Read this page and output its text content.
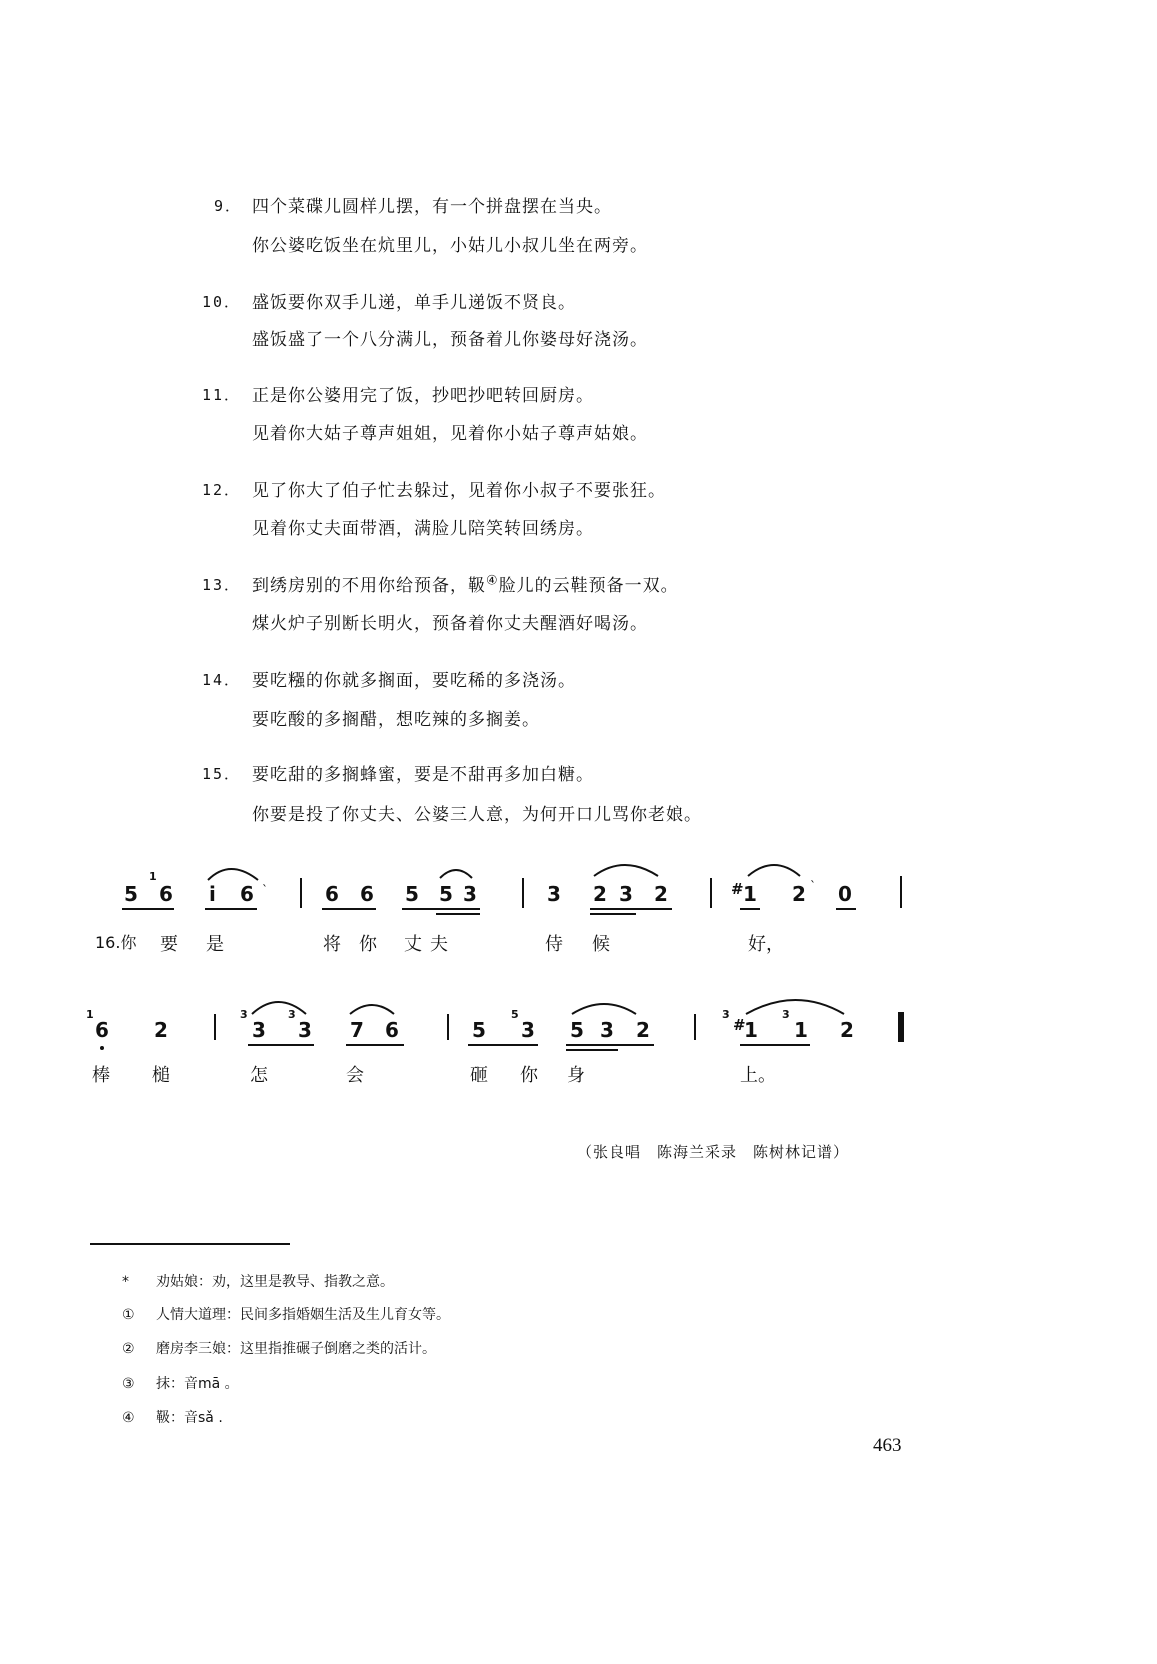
9． 四个菜碟儿圆样儿摆，有一个拼盘摆在当央。
你公婆吃饭坐在炕里儿，小姑儿小叔儿坐在两旁。
10． 盛饭要你双手儿递，单手儿递饭不贤良。
盛饭盛了一个八分满儿，预备着儿你婆母好浇汤。
11． 正是你公婆用完了饭，抄吧抄吧转回厨房。
见着你大姑子尊声姐姐，见着你小姑子尊声姑娘。
12． 见了你大了伯子忙去躲过，见着你小叔子不要张狂。
见着你丈夫面带酒，满脸儿陪笑转回绣房。
13． 到绣房别的不用你给预备，靸④脸儿的云鞋预备一双。
煤火炉子别断长明火，预备着你丈夫醒酒好喝汤。
14． 要吃糨的你就多搁面，要吃稀的多浇汤。
要吃酸的多搁醋，想吃辣的多搁姜。
15． 要吃甜的多搁蜂蜜，要是不甜再多加白糖。
你要是投了你丈夫、公婆三人意，为何开口儿骂你老娘。
5
1
6 i 6	6 6 5 5 3	3 2 3 2	# 1 2 0
16.你 要 是	将 你 丈夫	侍 候	好，
1
6 2
3
3
3
3 7 6	5
5
3 5 3 2
3
#
1
3
1 2
棒 槌	怎	会	砸 你 身	上。
`	`
（张良唱　陈海兰采录　陈树林记谱）
* 劝姑娘：劝，这里是教导、指教之意。
① 人情大道理：民间多指婚姻生活及生儿育女等。
② 磨房李三娘：这里指推碾子倒磨之类的活计。
③ 抹：音mā 。
④ 靸：音sǎ .
463
